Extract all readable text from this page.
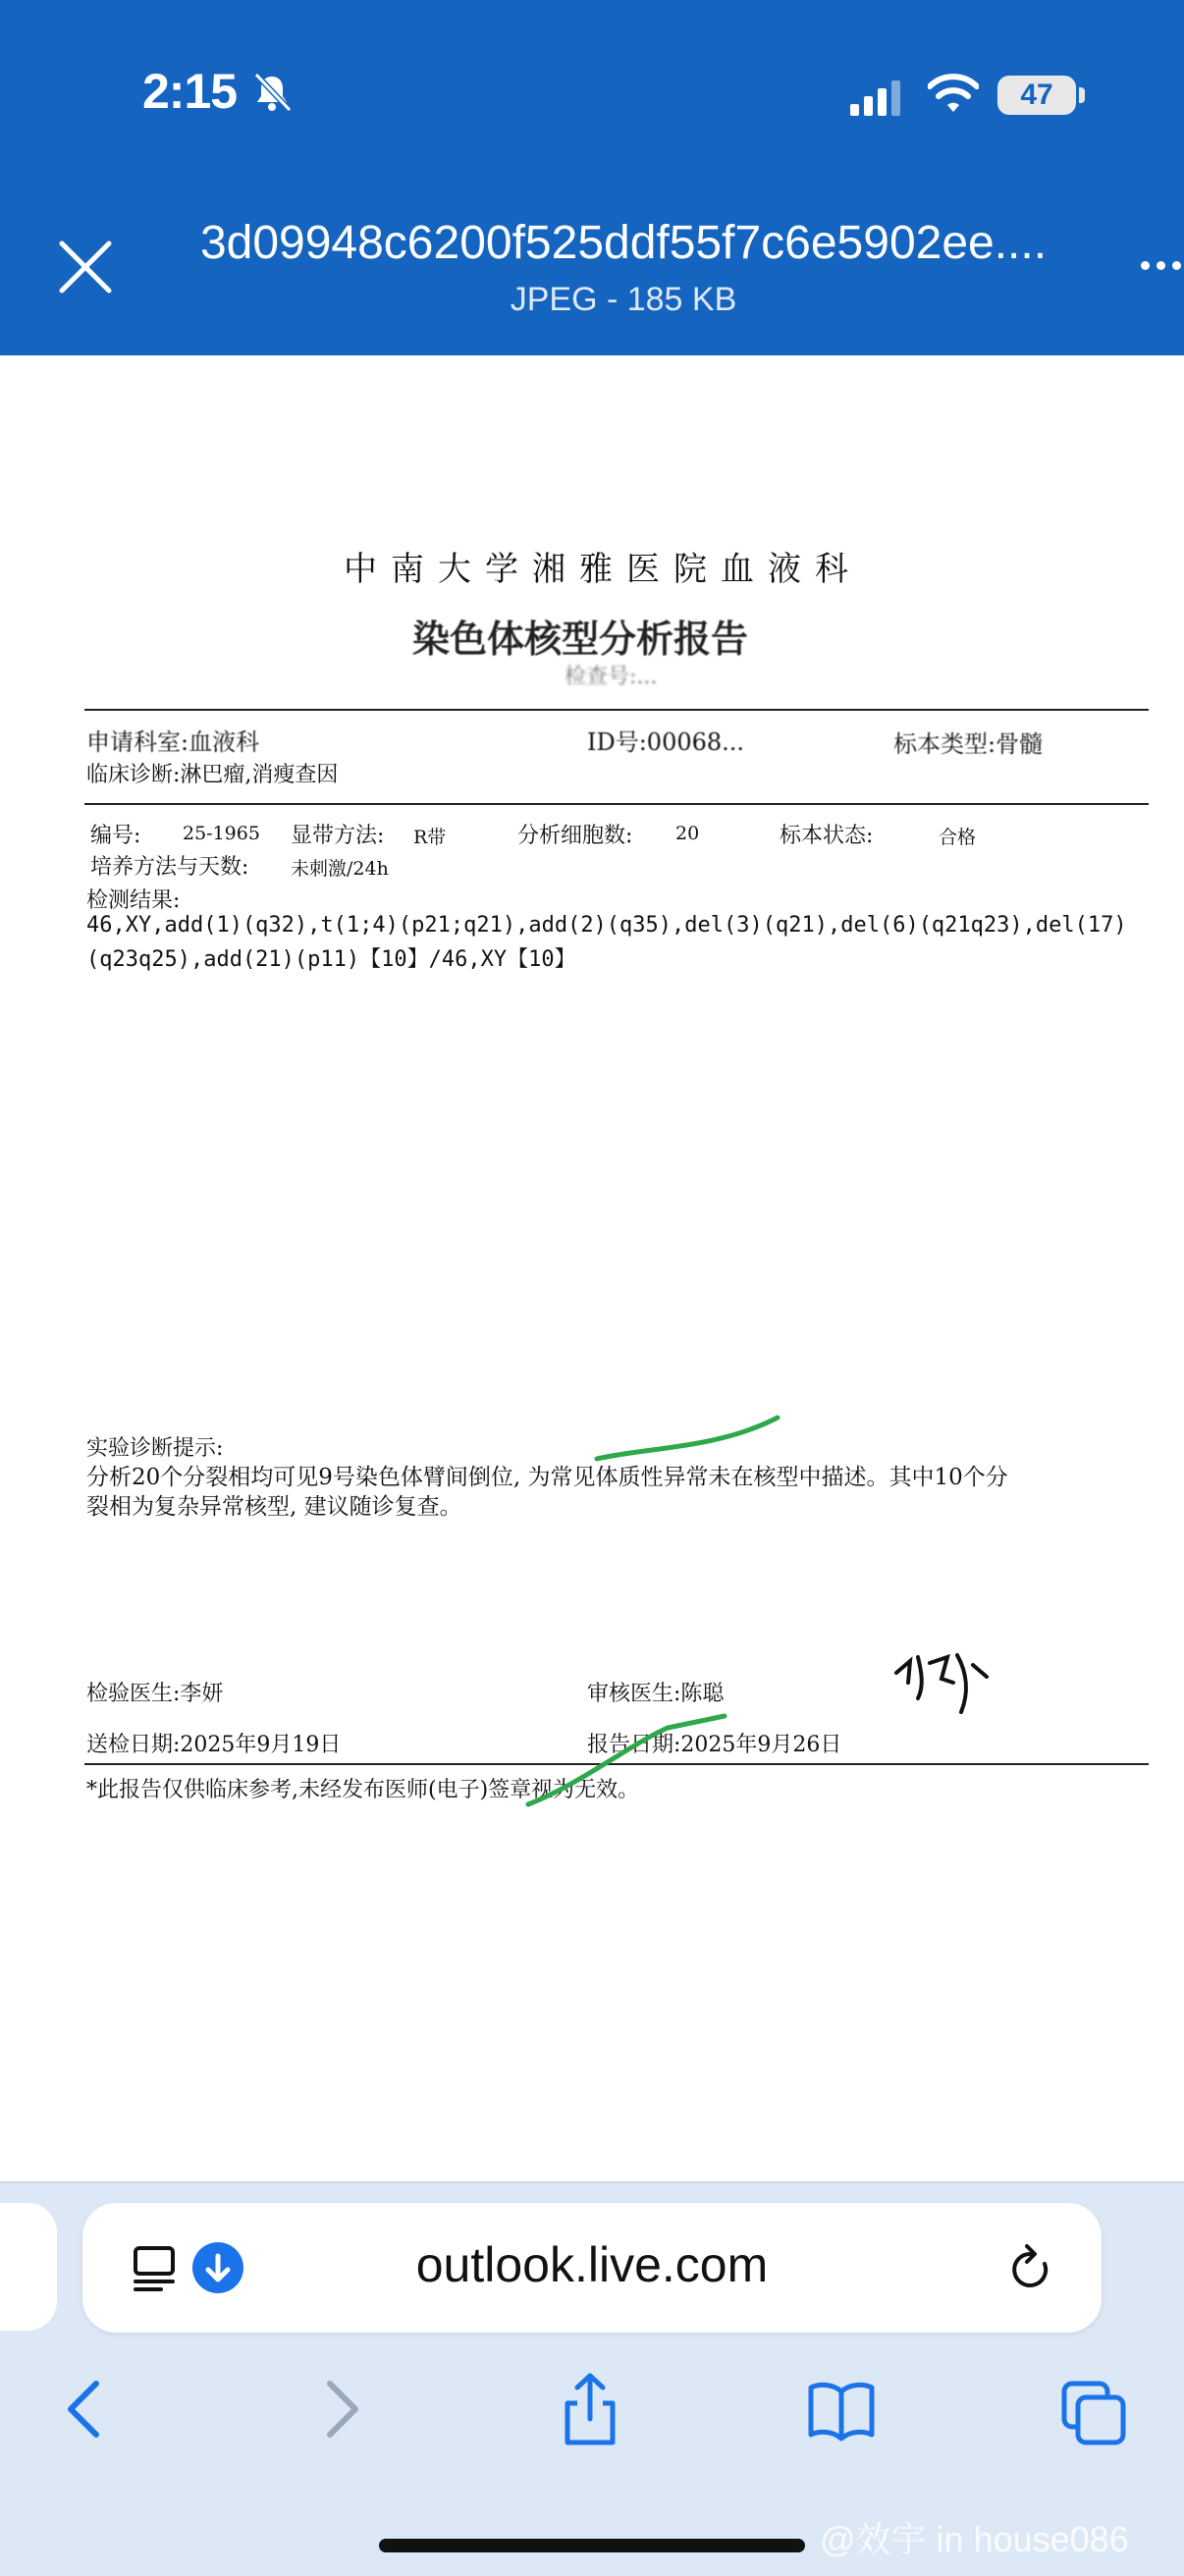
2:15	47
3d09948c6200f525ddf55f7c6e5902ee....
JPEG - 185 KB
中南大学湘雅医院血液科
染色体核型分析报告
检查号:...
申请科室:血液科	ID号:00068...	标本类型:骨髓
临床诊断:淋巴瘤,消瘦查因
编号: 25-1965 显带方法: R带	分析细胞数: 20	标本状态:	合格
培养方法与天数: 未刺激/24h
检测结果:
46,XY,add(1)(q32),t(1;4)(p21;q21),add(2)(q35),del(3)(q21),del(6)(q21q23),del(17)
(q23q25),add(21)(p11)【10】/46,XY【10】
实验诊断提示:
分析20个分裂相均可见9号染色体臂间倒位, 为常见体质性异常未在核型中描述。其中10个分
裂相为复杂异常核型, 建议随诊复查。
检验医生:李妍	审核医生:陈聪
送检日期:2025年9月19日	报告日期:2025年9月26日
*此报告仅供临床参考,未经发布医师(电子)签章视为无效。
outlook.live.com
@效宇 in house086
